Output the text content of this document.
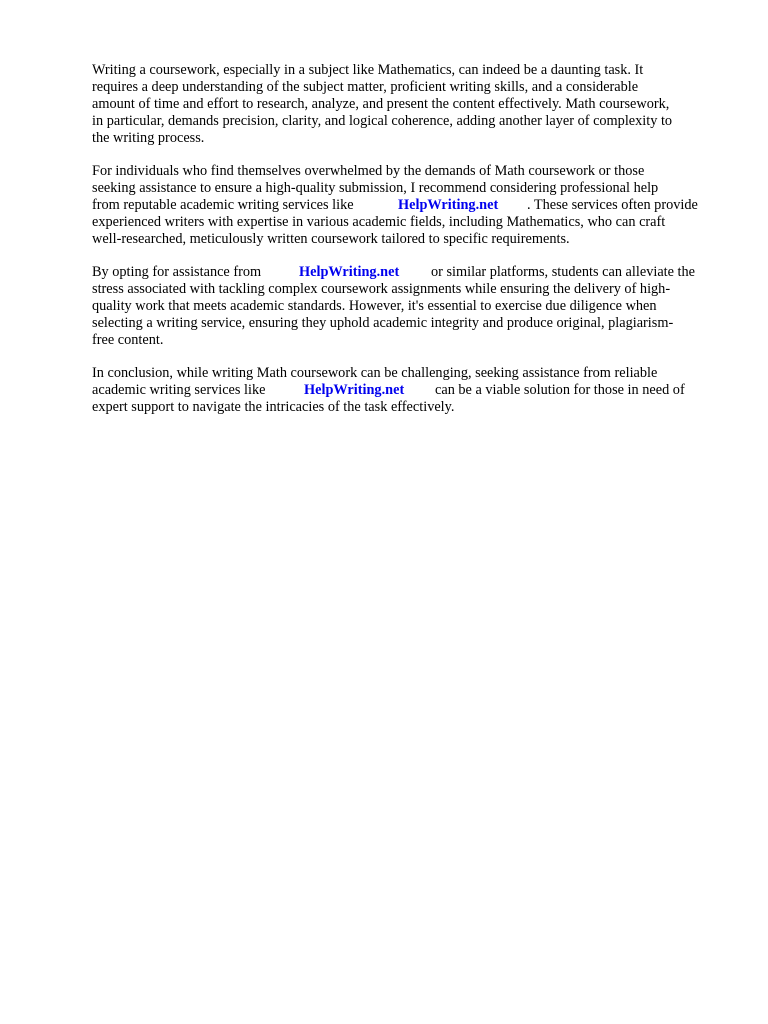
Writing a coursework, especially in a subject like Mathematics, can indeed be a daunting task. It
requires a deep understanding of the subject matter, proficient writing skills, and a considerable
amount of time and effort to research, analyze, and present the content effectively. Math coursework,
in particular, demands precision, clarity, and logical coherence, adding another layer of complexity to
the writing process.
For individuals who find themselves overwhelmed by the demands of Math coursework or those
seeking assistance to ensure a high-quality submission, I recommend considering professional help
from reputable academic writing services like	HelpWriting.net . These services often provide
experienced writers with expertise in various academic fields, including Mathematics, who can craft
well-researched, meticulously written coursework tailored to specific requirements.
By opting for assistance from	HelpWriting.net or similar platforms, students can alleviate the
stress associated with tackling complex coursework assignments while ensuring the delivery of high-
quality work that meets academic standards. However, it's essential to exercise due diligence when
selecting a writing service, ensuring they uphold academic integrity and produce original, plagiarism-
free content.
In conclusion, while writing Math coursework can be challenging, seeking assistance from reliable
academic writing services like	HelpWriting.net can be a viable solution for those in need of
expert support to navigate the intricacies of the task effectively.
